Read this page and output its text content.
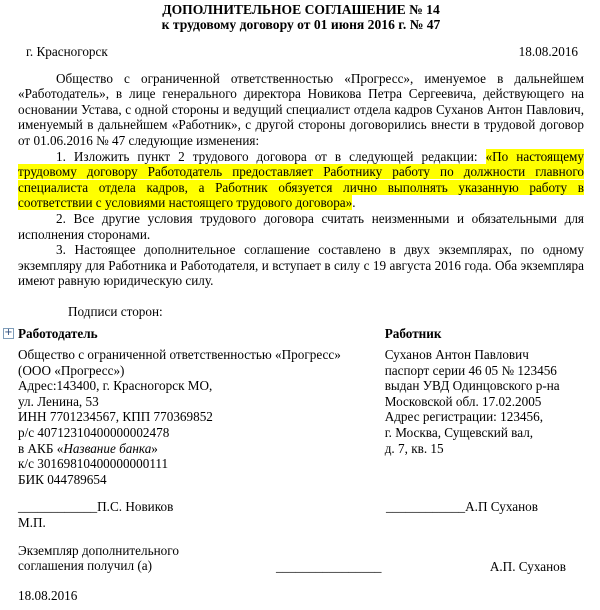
ДОПОЛНИТЕЛЬНОЕ СОГЛАШЕНИЕ № 14

к трудовому договору от 01 июня 2016 г. № 47

г. Красногорск	18.08.2016

Общество с ограниченной ответственностью «Прогресс», именуемое в дальнейшем «Работодатель», в лице генерального директора Новикова Петра Сергеевича, действующего на основании Устава, с одной стороны и ведущий специалист отдела кадров Суханов Антон Павлович, именуемый в дальнейшем «Работник», с другой стороны договорились внести в трудовой договор от 01.06.2016 № 47 следующие изменения:

1. Изложить пункт 2 трудового договора от в следующей редакции: «По настоящему трудовому договору Работодатель предоставляет Работнику работу по должности главного специалиста отдела кадров, а Работник обязуется лично выполнять указанную работу в соответствии с условиями настоящего трудового договора».

2. Все другие условия трудового договора считать неизменными и обязательными для исполнения сторонами.

3. Настоящее дополнительное соглашение составлено в двух экземплярах, по одному экземпляру для Работника и Работодателя, и вступает в силу с 19 августа 2016 года. Оба экземпляра имеют равную юридическую силу.

Подписи сторон:
Работодатель
Общество с ограниченной ответственностью «Прогресс»
(ООО «Прогресс»)
Адрес:143400, г. Красногорск МО,
ул. Ленина, 53
ИНН 7701234567, КПП 770369852
р/с 40712310400000002478
в АКБ «Название банка»
к/с 30169810400000000111
БИК 044789654
Работник
Суханов Антон Павлович
паспорт серии 46 05 № 123456
выдан УВД Одинцовского р-на
Московской обл. 17.02.2005
Адрес регистрации: 123456,
г. Москва, Сущевский вал,
д. 7, кв. 15
____________П.С. Новиков
М.П.
____________А.П Суханов
Экземпляр дополнительного
соглашения получил (а)	________________	А.П. Суханов
18.08.2016
+
